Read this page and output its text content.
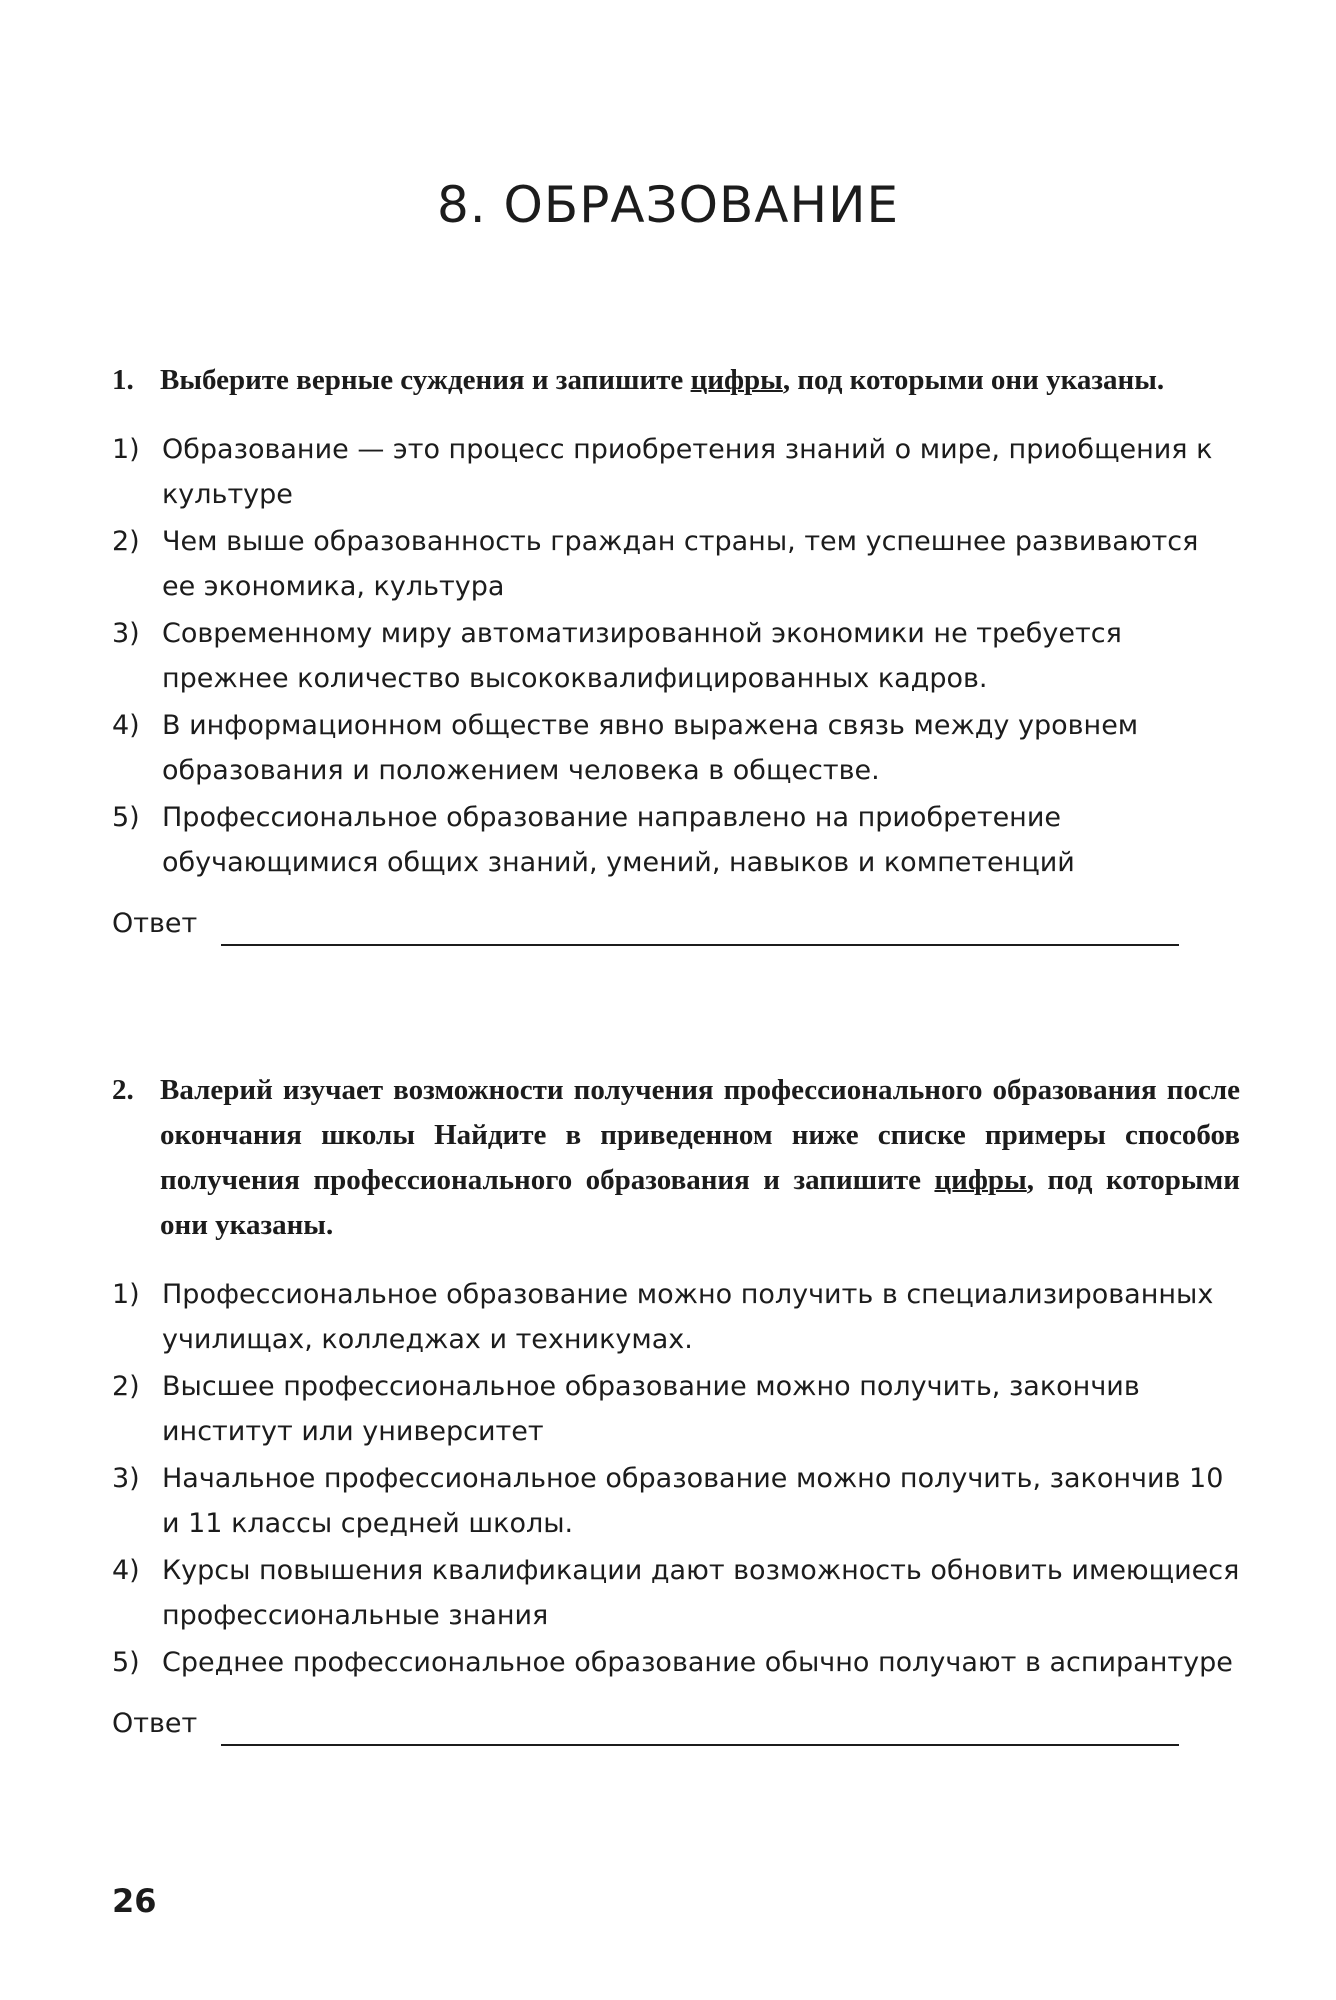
8. ОБРАЗОВАНИЕ
1. Выберите верные суждения и запишите цифры, под которыми они указаны.
1) Образование — это процесс приобретения знаний о мире, приобщения к культуре
2) Чем выше образованность граждан страны, тем успешнее развиваются ее экономика, культура
3) Современному миру автоматизированной экономики не требуется прежнее количество высококвалифицированных кадров.
4) В информационном обществе явно выражена связь между уровнем образования и положением человека в обществе.
5) Профессиональное образование направлено на приобретение обучающимися общих знаний, умений, навыков и компетенций
Ответ
2. Валерий изучает возможности получения профессионального образования после окончания школы Найдите в приведенном ниже списке примеры способов получения профессионального образования и запишите цифры, под которыми они указаны.
1) Профессиональное образование можно получить в специализированных училищах, колледжах и техникумах.
2) Высшее профессиональное образование можно получить, закончив институт или университет
3) Начальное профессиональное образование можно получить, закончив 10 и 11 классы средней школы.
4) Курсы повышения квалификации дают возможность обновить имеющиеся профессиональные знания
5) Среднее профессиональное образование обычно получают в аспирантуре
Ответ
26
